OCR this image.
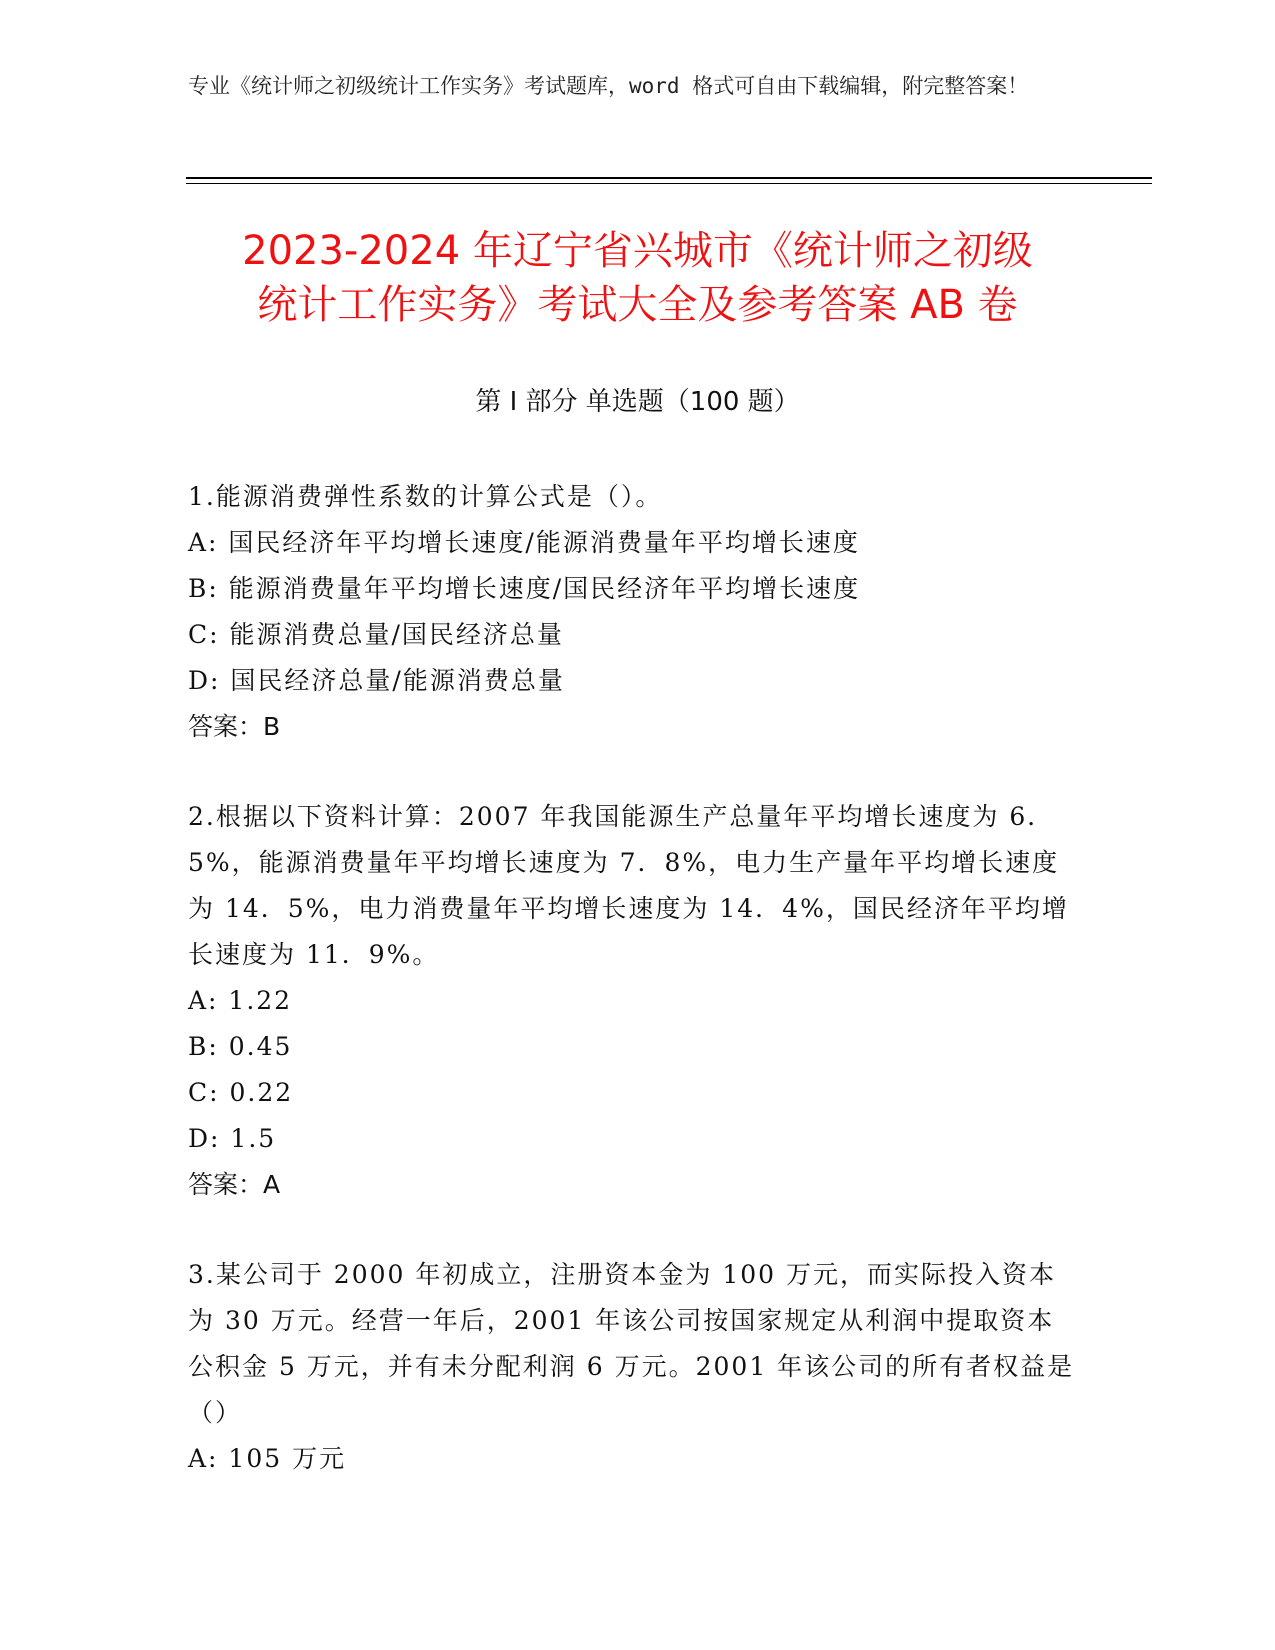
专业《统计师之初级统计工作实务》考试题库，word 格式可自由下载编辑，附完整答案！
2023-2024 年辽宁省兴城市《统计师之初级
统计工作实务》考试大全及参考答案 AB 卷
第 I 部分 单选题（100 题）

1.能源消费弹性系数的计算公式是（）。

A: 国民经济年平均增长速度/能源消费量年平均增长速度

B: 能源消费量年平均增长速度/国民经济年平均增长速度

C: 能源消费总量/国民经济总量

D: 国民经济总量/能源消费总量

答案：B

2.根据以下资料计算：2007 年我国能源生产总量年平均增长速度为 6．5%，能源消费量年平均增长速度为 7．8%，电力生产量年平均增长速度为 14．5%，电力消费量年平均增长速度为 14．4%，国民经济年平均增长速度为 11．9%。

A: 1.22

B: 0.45

C: 0.22

D: 1.5

答案：A

3.某公司于 2000 年初成立，注册资本金为 100 万元，而实际投入资本为 30 万元。经营一年后，2001 年该公司按国家规定从利润中提取资本公积金 5 万元，并有未分配利润 6 万元。2001 年该公司的所有者权益是（）

A: 105 万元
